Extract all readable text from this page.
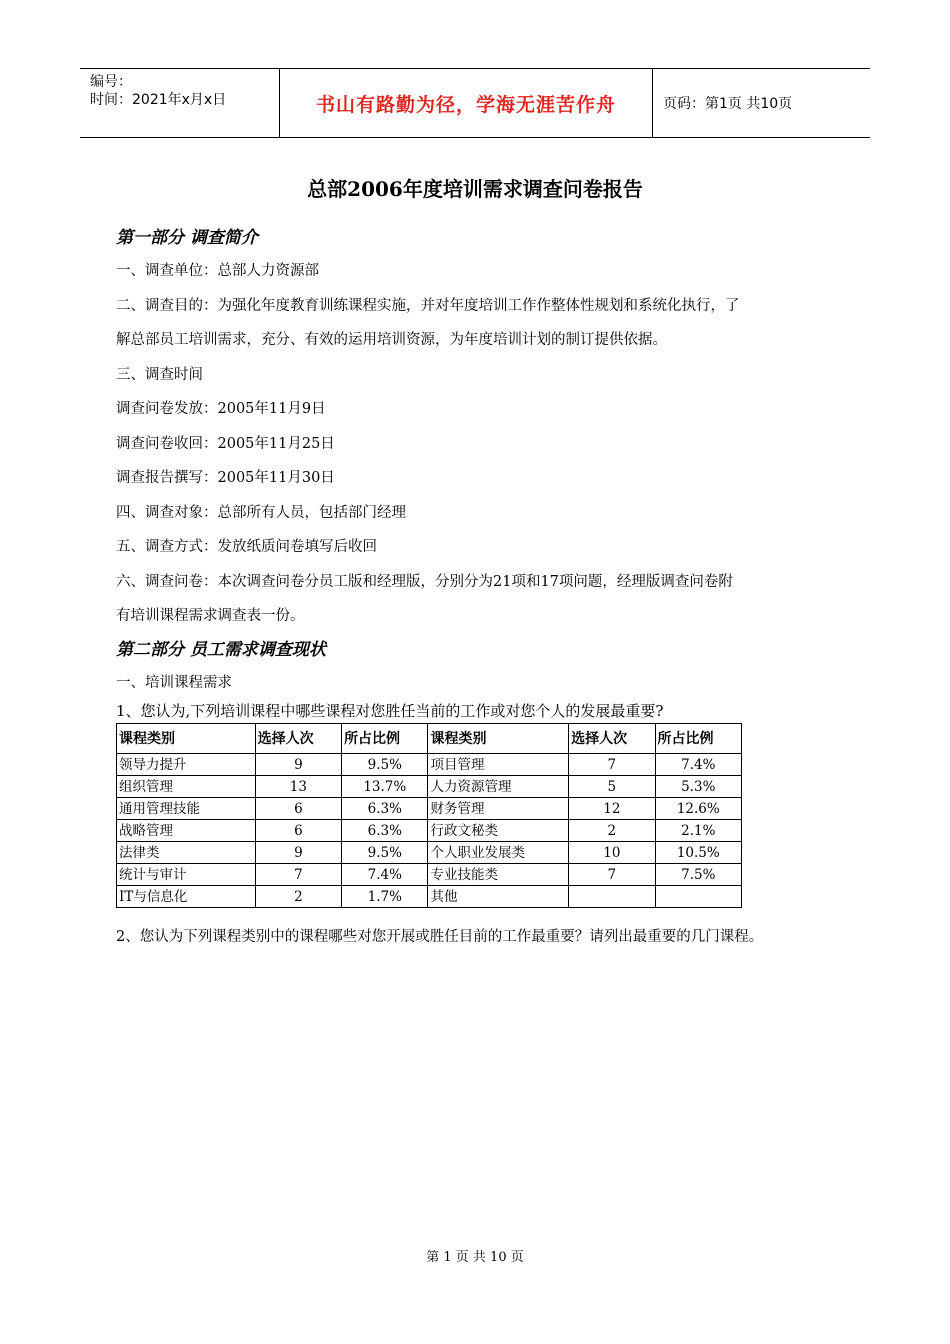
编号：
时间：2021年x月x日	书山有路勤为径，学海无涯苦作舟	页码：第1页 共10页
总部2006年度培训需求调查问卷报告
第一部分 调查简介
一、调查单位：总部人力资源部
二、调查目的：为强化年度教育训练课程实施，并对年度培训工作作整体性规划和系统化执行，了
解总部员工培训需求，充分、有效的运用培训资源，为年度培训计划的制订提供依据。
三、调查时间
调查问卷发放：2005年11月9日
调查问卷收回：2005年11月25日
调查报告撰写：2005年11月30日
四、调查对象：总部所有人员，包括部门经理
五、调查方式：发放纸质问卷填写后收回
六、调查问卷：本次调查问卷分员工版和经理版，分别分为21项和17项问题，经理版调查问卷附
有培训课程需求调查表一份。
第二部分 员工需求调查现状
一、培训课程需求
1、您认为,下列培训课程中哪些课程对您胜任当前的工作或对您个人的发展最重要?
课程类别	选择人次	所占比例	课程类别	选择人次	所占比例
领导力提升	9	9.5%	项目管理	7	7.4%
组织管理	13	13.7%	人力资源管理	5	5.3%
通用管理技能	6	6.3%	财务管理	12	12.6%
战略管理	6	6.3%	行政文秘类	2	2.1%
法律类	9	9.5%	个人职业发展类	10	10.5%
统计与审计	7	7.4%	专业技能类	7	7.5%
IT与信息化	2	1.7%	其他		
2、您认为下列课程类别中的课程哪些对您开展或胜任目前的工作最重要？请列出最重要的几门课程。
第 1 页 共 10 页
